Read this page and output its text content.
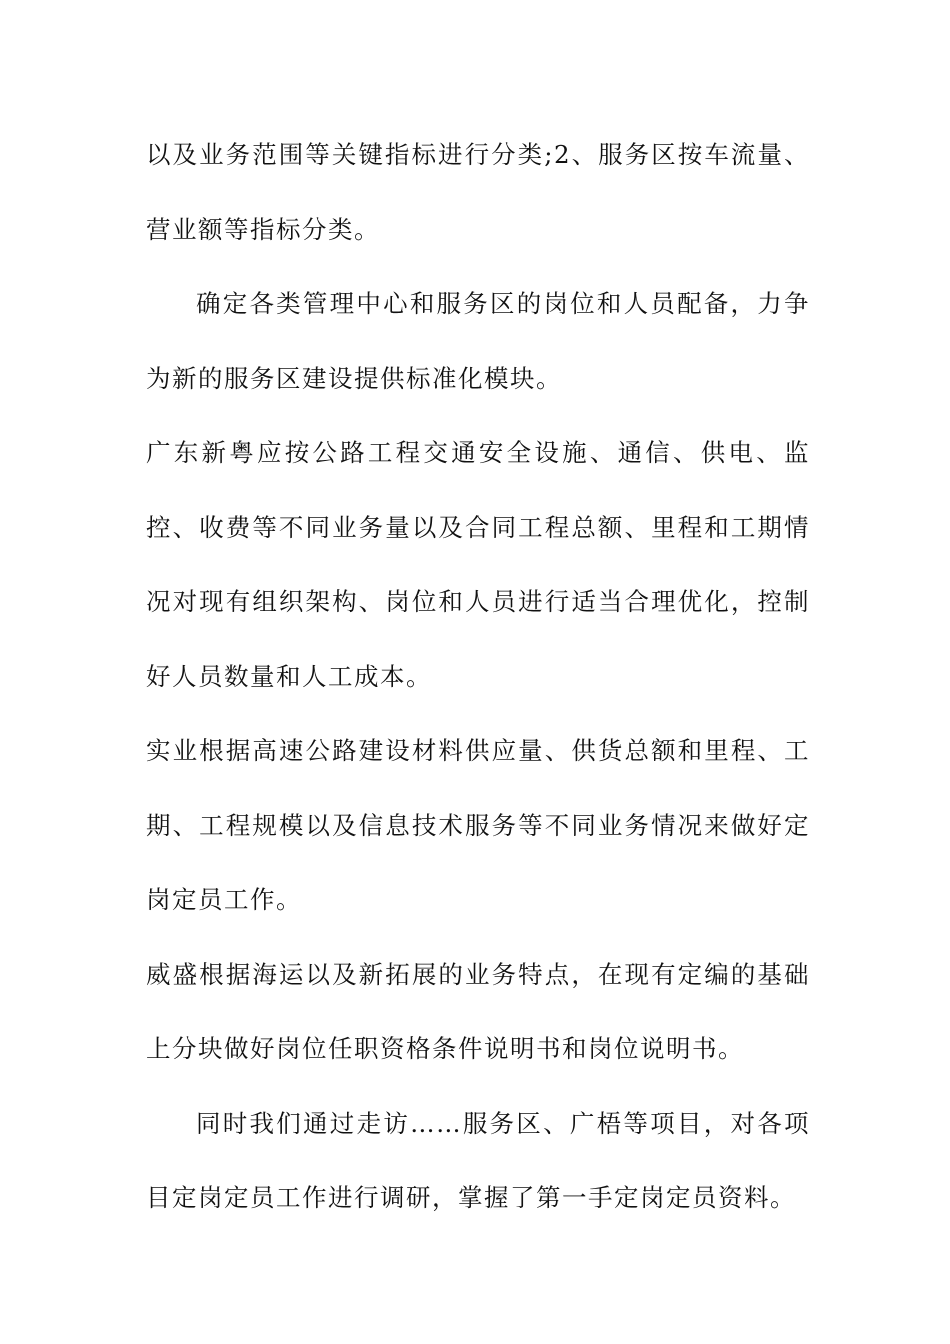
以及业务范围等关键指标进行分类;2、服务区按车流量、营业额等指标分类。

确定各类管理中心和服务区的岗位和人员配备，力争为新的服务区建设提供标准化模块。

广东新粤应按公路工程交通安全设施、通信、供电、监控、收费等不同业务量以及合同工程总额、里程和工期情况对现有组织架构、岗位和人员进行适当合理优化，控制好人员数量和人工成本。

实业根据高速公路建设材料供应量、供货总额和里程、工期、工程规模以及信息技术服务等不同业务情况来做好定岗定员工作。

威盛根据海运以及新拓展的业务特点，在现有定编的基础上分块做好岗位任职资格条件说明书和岗位说明书。

同时我们通过走访……服务区、广梧等项目，对各项目定岗定员工作进行调研，掌握了第一手定岗定员资料。
